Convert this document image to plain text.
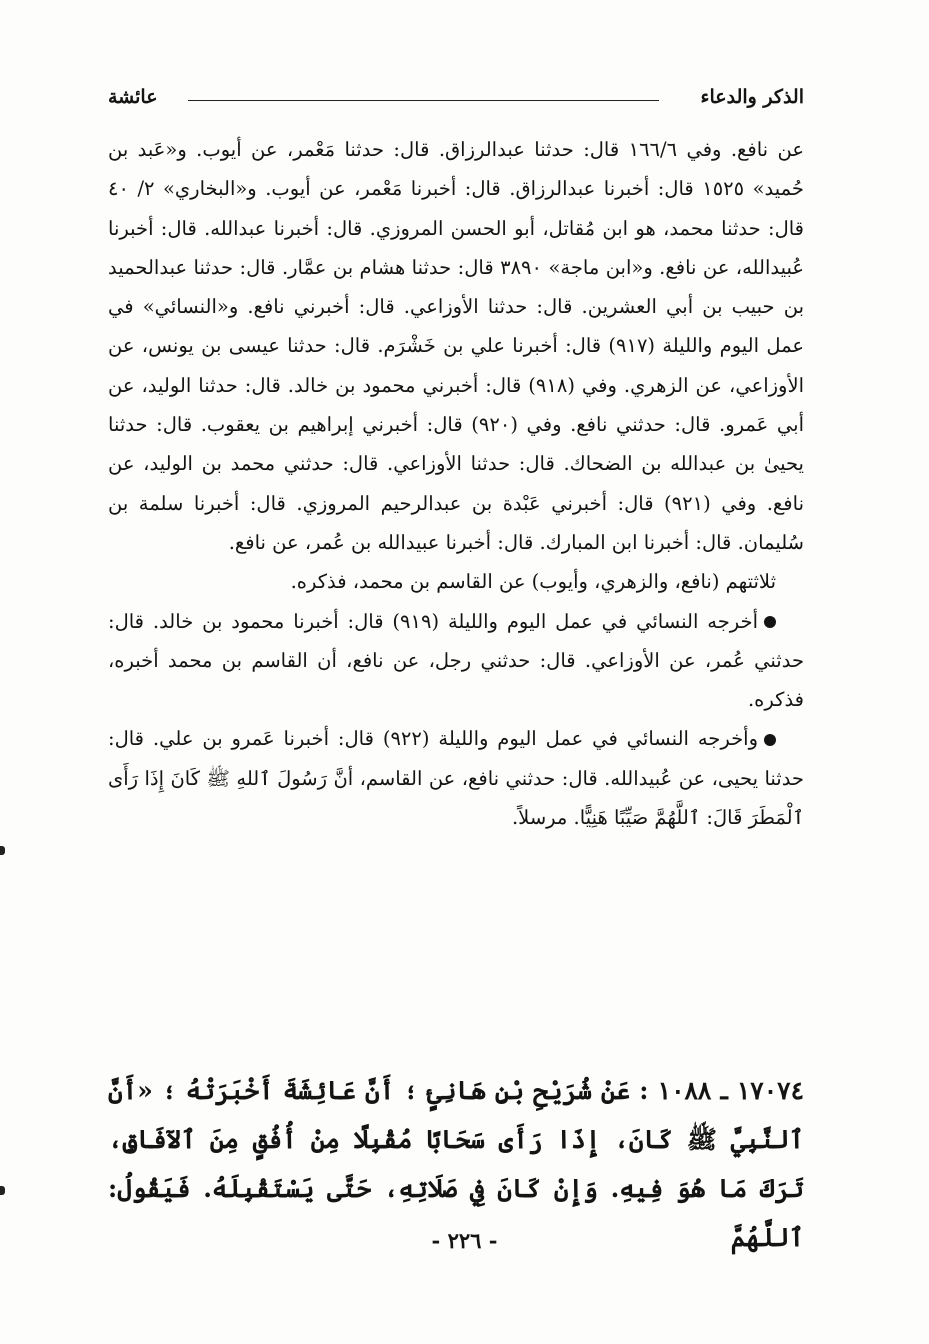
الذكر والدعاء
عائشة

عن نافع. وفي ١٦٦/٦ قال: حدثنا عبدالرزاق. قال: حدثنا مَعْمر، عن أيوب. و«عَبد بن حُميد» ١٥٢٥ قال: أخبرنا عبدالرزاق. قال: أخبرنا مَعْمر، عن أيوب. و«البخاري» ٢/ ٤٠ قال: حدثنا محمد، هو ابن مُقاتل، أبو الحسن المروزي. قال: أخبرنا عبدالله. قال: أخبرنا عُبيدالله، عن نافع. و«ابن ماجة» ٣٨٩٠ قال: حدثنا هشام بن عمَّار. قال: حدثنا عبدالحميد بن حبيب بن أبي العشرين. قال: حدثنا الأوزاعي. قال: أخبرني نافع. و«النسائي» في عمل اليوم والليلة (٩١٧) قال: أخبرنا علي بن خَشْرَم. قال: حدثنا عيسى بن يونس، عن الأوزاعي، عن الزهري. وفي (٩١٨) قال: أخبرني محمود بن خالد. قال: حدثنا الوليد، عن أبي عَمرو. قال: حدثني نافع. وفي (٩٢٠) قال: أخبرني إبراهيم بن يعقوب. قال: حدثنا يحيىٰ بن عبدالله بن الضحاك. قال: حدثنا الأوزاعي. قال: حدثني محمد بن الوليد، عن نافع. وفي (٩٢١) قال: أخبرني عَبْدة بن عبدالرحيم المروزي. قال: أخبرنا سلمة بن سُليمان. قال: أخبرنا ابن المبارك. قال: أخبرنا عبيدالله بن عُمر، عن نافع.

ثلاثتهم (نافع، والزهري، وأيوب) عن القاسم بن محمد، فذكره.

أخرجه النسائي في عمل اليوم والليلة (٩١٩) قال: أخبرنا محمود بن خالد. قال: حدثني عُمر، عن الأوزاعي. قال: حدثني رجل، عن نافع، أن القاسم بن محمد أخبره، فذكره.

وأخرجه النسائي في عمل اليوم والليلة (٩٢٢) قال: أخبرنا عَمرو بن علي. قال: حدثنا يحيى، عن عُبيدالله. قال: حدثني نافع، عن القاسم، أنَّ رَسُولَ ٱللهِ ﷺ كَانَ إِذَا رَأَى ٱلْمَطَرَ قَالَ: ٱللَّهُمَّ صَيِّبًا هَنِيًّا. مرسلاً.

١٧٠٧٤ ـ ١٠٨٨ : عَنْ شُرَيْحِ بْنِ هَانِئٍ ؛ أَنَّ عَائِشَةَ أَخْبَرَتْهُ ؛ «أَنَّ ٱلنَّبِيَّ ﷺ كَانَ، إِذَا رَأَى سَحَابًا مُقْبِلًا مِنْ أُفُقٍ مِنَ ٱلآفَاقِ، تَرَكَ مَا هُوَ فِيهِ. وَإِنْ كَانَ فِي صَلَاتِهِ، حَتَّى يَسْتَقْبِلَهُ. فَيَقُولُ: ٱللَّهُمَّ

- ٢٢٦ -
